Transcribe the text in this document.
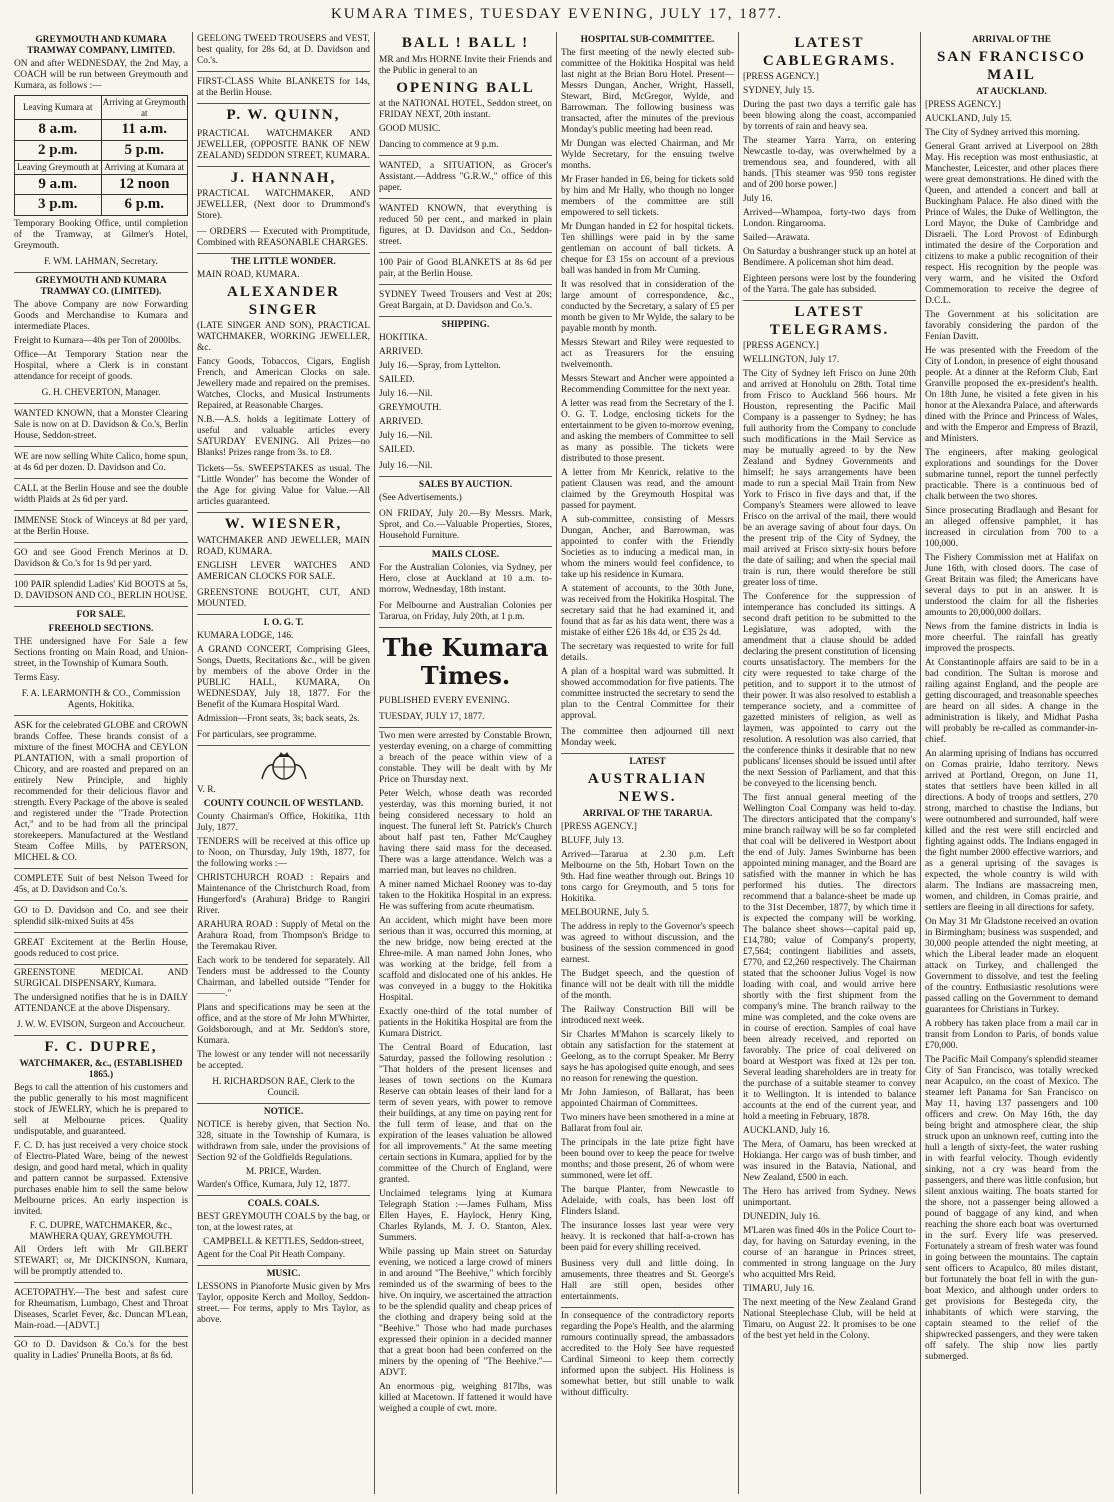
KUMARA TIMES, TUESDAY EVENING, JULY 17, 1877.
GREYMOUTH AND KUMARA TRAMWAY COMPANY, LIMITED.

ON and after WEDNESDAY, the 2nd May, a COACH will be run between Greymouth and Kumara, as follows :—

Leaving Kumara at	Arriving at Greymouth at

8 a.m.	11 a.m.

2 p.m.	5 p.m.

Leaving Greymouth at	Arriving at Kumara at

9 a.m.	12 noon

3 p.m.	6 p.m.

Temporary Booking Office, until completion of the Tramway, at Gilmer's Hotel, Greymouth.

F. WM. LAHMAN, Secretary.
GREYMOUTH AND KUMARA TRAMWAY CO. (LIMITED).

The above Company are now Forwarding Goods and Merchandise to Kumara and intermediate Places.

Freight to Kumara—40s per Ton of 2000lbs.

Office—At Temporary Station near the Hospital, where a Clerk is in constant attendance for receipt of goods.

G. H. CHEVERTON, Manager.

WANTED KNOWN, that a Monster Clearing Sale is now on at D. Davidson & Co.'s, Berlin House, Seddon-street.

WE are now selling White Calico, home spun, at 4s 6d per dozen. D. Davidson and Co.

CALL at the Berlin House and see the double width Plaids at 2s 6d per yard.

IMMENSE Stock of Winceys at 8d per yard, at the Berlin House.

GO and see Good French Merinos at D. Davidson & Co.'s for 1s 9d per yard.

100 PAIR splendid Ladies' Kid BOOTS at 5s, D. DAVIDSON AND CO., BERLIN HOUSE.

FOR SALE.
FREEHOLD SECTIONS.

THE undersigned have For Sale a few Sections fronting on Main Road, and Union-street, in the Township of Kumara South.

Terms Easy.

F. A. LEARMONTH & CO., Commission Agents, Hokitika.

ASK for the celebrated GLOBE and CROWN brands Coffee. These brands consist of a mixture of the finest MOCHA and CEYLON PLANTATION, with a small proportion of Chicory, and are roasted and prepared on an entirely New Principle, and highly recommended for their delicious flavor and strength. Every Package of the above is sealed and registered under the "Trade Protection Act," and to be had from all the principal storekeepers. Manufactured at the Westland Steam Coffee Mills, by PATERSON, MICHEL & CO.

COMPLETE Suit of best Nelson Tweed for 45s, at D. Davidson and Co.'s.

GO to D. Davidson and Co. and see their splendid silk-mixed Suits at 45s

GREAT Excitement at the Berlin House, goods reduced to cost price.

GREENSTONE MEDICAL AND SURGICAL DISPENSARY, Kumara.

The undersigned notifies that he is in DAILY ATTENDANCE at the above Dispensary.

J. W. W. EVISON, Surgeon and Accoucheur.
F. C. DUPRE,
WATCHMAKER, &c., (ESTABLISHED 1865.)

Begs to call the attention of his customers and the public generally to his most magnificent stock of JEWELRY, which he is prepared to sell at Melbourne prices. Quality undisputable, and guaranteed.

F. C. D. has just received a very choice stock of Electro-Plated Ware, being of the newest design, and good hard metal, which in quality and pattern cannot be surpassed. Extensive purchases enable him to sell the same below Melbourne prices. An early inspection is invited.

F. C. DUPRE, WATCHMAKER, &c., MAWHERA QUAY, GREYMOUTH.

All Orders left with Mr GILBERT STEWART; or, Mr DICKINSON, Kumara, will be promptly attended to.

ACETOPATHY.—The best and safest cure for Rheumatism, Lumbago, Chest and Throat Diseases, Scarlet Fever, &c. Duncan M'Lean, Main-road.—[ADVT.]

GO to D. Davidson & Co.'s for the best quality in Ladies' Prunella Boots, at 8s 6d.

GEELONG TWEED TROUSERS and VEST, best quality, for 28s 6d, at D. Davidson and Co.'s.

FIRST-CLASS White BLANKETS for 14s, at the Berlin House.

P. W. QUINN,

PRACTICAL WATCHMAKER AND JEWELLER, (OPPOSITE BANK OF NEW ZEALAND) SEDDON STREET, KUMARA.

J. HANNAH,

PRACTICAL WATCHMAKER, AND JEWELLER, (Next door to Drummond's Store).

— ORDERS — Executed with Promptitude, Combined with REASONABLE CHARGES.

THE LITTLE WONDER.

MAIN ROAD, KUMARA.

ALEXANDER SINGER

(LATE SINGER AND SON), PRACTICAL WATCHMAKER, WORKING JEWELLER, &c.

Fancy Goods, Tobaccos, Cigars, English French, and American Clocks on sale. Jewellery made and repaired on the premises. Watches, Clocks, and Musical Instruments Repaired, at Reasonable Charges.

N.B.—A.S. holds a legitimate Lottery of useful and valuable articles every SATURDAY EVENING. All Prizes—no Blanks! Prizes range from 3s. to £8.

Tickets—5s. SWEEPSTAKES as usual. The "Little Wonder" has become the Wonder of the Age for giving Value for Value.—All articles guaranteed.

W. WIESNER,

WATCHMAKER AND JEWELLER, MAIN ROAD, KUMARA.

ENGLISH LEVER WATCHES AND AMERICAN CLOCKS FOR SALE.

GREENSTONE BOUGHT, CUT, AND MOUNTED.

I. O. G. T.

KUMARA LODGE, 146.

A GRAND CONCERT, Comprising Glees, Songs, Duetts, Recitations &c., will be given by members of the above Order in the PUBLIC HALL, KUMARA, On WEDNESDAY, July 18, 1877. For the Benefit of the Kumara Hospital Ward.

Admission—Front seats, 3s; back seats, 2s.

For particulars, see programme.

V. R.

COUNTY COUNCIL OF WESTLAND.

County Chairman's Office, Hokitika, 11th July, 1877.

TENDERS will be received at this office up to Noon, on Thursday, July 19th, 1877, for the following works :—

CHRISTCHURCH ROAD : Repairs and Maintenance of the Christchurch Road, from Hungerford's (Arahura) Bridge to Rangiri River.

ARAHURA ROAD : Supply of Metal on the Arahura Road, from Thompson's Bridge to the Teremakau River.

Each work to be tendered for separately. All Tenders must be addressed to the County Chairman, and labelled outside "Tender for ———."

Plans and specifications may be seen at the office, and at the store of Mr John M'Whirter, Goldsborough, and at Mr. Seddon's store, Kumara.

The lowest or any tender will not necessarily be accepted.

H. RICHARDSON RAE, Clerk to the Council.
NOTICE.

NOTICE is hereby given, that Section No. 328, situate in the Township of Kumara, is withdrawn from sale, under the provisions of Section 92 of the Goldfields Regulations.

M. PRICE, Warden.

Warden's Office, Kumara, July 12, 1877.

COALS. COALS.

BEST GREYMOUTH COALS by the bag, or ton, at the lowest rates, at

CAMPBELL & KETTLES, Seddon-street,

Agent for the Coal Pit Heath Company.

MUSIC.

LESSONS in Pianoforte Music given by Mrs Taylor, opposite Kerch and Molloy, Seddon-street.— For terms, apply to Mrs Taylor, as above.

BALL ! BALL !

MR and Mrs HORNE Invite their Friends and the Public in general to an

OPENING BALL

at the NATIONAL HOTEL, Seddon street, on FRIDAY NEXT, 20th instant.

GOOD MUSIC.

Dancing to commence at 9 p.m.

WANTED, a SITUATION, as Grocer's Assistant.—Address "G.R.W.," office of this paper.

WANTED KNOWN, that everything is reduced 50 per cent., and marked in plain figures, at D. Davidson and Co., Seddon-street.

100 Pair of Good BLANKETS at 8s 6d per pair, at the Berlin House.

SYDNEY Tweed Trousers and Vest at 20s; Great Bargain, at D. Davidson and Co.'s.

SHIPPING.

HOKITIKA.

ARRIVED.

July 16.—Spray, from Lyttelton.

SAILED.

July 16.—Nil.

GREYMOUTH.

ARRIVED.

July 16.—Nil.

SAILED.

July 16.—Nil.

SALES BY AUCTION.

(See Advertisements.)

ON FRIDAY, July 20.—By Messrs. Mark, Sprot, and Co.—Valuable Properties, Stores, Household Furniture.

MAILS CLOSE.

For the Australian Colonies, via Sydney, per Hero, close at Auckland at 10 a.m. to-morrow, Wednesday, 18th instant.

For Melbourne and Australian Colonies per Tararua, on Friday, July 20th, at 1 p.m.

The Kumara Times.

PUBLISHED EVERY EVENING.

TUESDAY, JULY 17, 1877.

Two men were arrested by Constable Brown, yesterday evening, on a charge of committing a breach of the peace within view of a constable. They will be dealt with by Mr Price on Thursday next.

Peter Welch, whose death was recorded yesterday, was this morning buried, it not being considered necessary to hold an inquest. The funeral left St. Patrick's Church about half past ten, Father Mc'Caughey having there said mass for the deceased. There was a large attendance. Welch was a married man, but leaves no children.

A miner named Michael Rooney was to-day taken to the Hokitika Hospital in an express. He was suffering from acute rheumatism.

An accident, which might have been more serious than it was, occurred this morning, at the new bridge, now being erected at the Ehree-mile. A man named John Jones, who was working at the bridge, fell from a scaffold and dislocated one of his ankles. He was conveyed in a buggy to the Hokitika Hospital.

Exactly one-third of the total number of patients in the Hokitika Hospital are from the Kumara District.

The Central Board of Education, last Saturday, passed the following resolution : "That holders of the present licenses and leases of town sections on the Kumara Reserve can obtain leases of their land for a term of seven years, with power to remove their buildings, at any time on paying rent for the full term of lease, and that on the expiration of the leases valuation be allowed for all improvements." At the same meeting certain sections in Kumara, applied for by the committee of the Church of England, were granted.

Unclaimed telegrams lying at Kumara Telegraph Station :—James Fulham, Miss Ellen Hayes, E. Haylock, Henry King, Charles Rylands, M. J. O. Stanton, Alex. Summers.

While passing up Main street on Saturday evening, we noticed a large crowd of miners in and around "The Beehive," which forcibly reminded us of the swarming of bees to the hive. On inquiry, we ascertained the attraction to be the splendid quality and cheap prices of the clothing and drapery being sold at the "Beehive." Those who had made purchases expressed their opinion in a decided manner that a great boon had been conferred on the miners by the opening of "The Beehive."—ADVT.

An enormous pig, weighing 817lbs, was killed at Macetown. If fattened it would have weighed a couple of cwt. more.

HOSPITAL SUB-COMMITTEE.

The first meeting of the newly elected sub-committee of the Hokitika Hospital was held last night at the Brian Boru Hotel. Present—Messrs Dungan, Ancher, Wright, Hassell, Stewart, Bird, McGregor, Wylde, and Barrowman. The following business was transacted, after the minutes of the previous Monday's public meeting had been read.

Mr Dungan was elected Chairman, and Mr Wylde Secretary, for the ensuing twelve months.

Mr Fraser handed in £6, being for tickets sold by him and Mr Hally, who though no longer members of the committee are still empowered to sell tickets.

Mr Dungan handed in £2 for hospital tickets. Ten shillings were paid in by the same gentleman on account of ball tickets. A cheque for £3 15s on account of a previous ball was handed in from Mr Cuming.

It was resolved that in consideration of the large amount of correspondence, &c., conducted by the Secretary, a salary of £5 per month be given to Mr Wylde, the salary to be payable month by month.

Messrs Stewart and Riley were requested to act as Treasurers for the ensuing twelvemonth.

Messrs Stewart and Ancher were appointed a Recommending Committee for the next year.

A letter was read from the Secretary of the I. O. G. T. Lodge, enclosing tickets for the entertainment to be given to-morrow evening, and asking the members of Committee to sell as many as possible. The tickets were distributed to those present.

A letter from Mr Kenrick, relative to the patient Clausen was read, and the amount claimed by the Greymouth Hospital was passed for payment.

A sub-committee, consisting of Messrs Dungan, Ancher, and Barrowman, was appointed to confer with the Friendly Societies as to inducing a medical man, in whom the miners would feel confidence, to take up his residence in Kumara.

A statement of accounts, to the 30th June, was received from the Hokitika Hospital. The secretary said that he had examined it, and found that as far as his data went, there was a mistake of either £26 18s 4d, or £35 2s 4d.

The secretary was requested to write for full details.

A plan of a hospital ward was submitted. It showed accommodation for five patients. The committee instructed the secretary to send the plan to the Central Committee for their approval.

The committee then adjourned till next Monday week.

LATEST
AUSTRALIAN NEWS.
ARRIVAL OF THE TARARUA.

[PRESS AGENCY.]

BLUFF, July 13.

Arrived—Tararua at 2.30 p.m. Left Melbourne on the 5th, Hobart Town on the 9th. Had fine weather through out. Brings 10 tons cargo for Greymouth, and 5 tons for Hokitika.

MELBOURNE, July 5.

The address in reply to the Governor's speech was agreed to without discussion, and the business of the session commenced in good earnest.

The Budget speech, and the question of finance will not be dealt with till the middle of the month.

The Railway Construction Bill will be introduced next week.

Sir Charles M'Mahon is scarcely likely to obtain any satisfaction for the statement at Geelong, as to the corrupt Speaker. Mr Berry says he has apologised quite enough, and sees no reason for renewing the question.

Mr John Jamieson, of Ballarat, has been appointed Chairman of Committees.

Two miners have been smothered in a mine at Ballarat from foul air.

The principals in the late prize fight have been bound over to keep the peace for twelve months; and those present, 26 of whom were summoned, were let off.

The barque Planter, from Newcastle to Adelaide, with coals, has been lost off Flinders Island.

The insurance losses last year were very heavy. It is reckoned that half-a-crown has been paid for every shilling received.

Business very dull and little doing. In amusements, three theatres and St. George's Hall are still open, besides other entertainments.

In consequence of the contradictory reports regarding the Pope's Health, and the alarming rumours continually spread, the ambassadors accredited to the Holy See have requested Cardinal Simeoni to keep them correctly informed upon the subject. His Holiness is somewhat better, but still unable to walk without difficulty.

LATEST CABLEGRAMS.

[PRESS AGENCY.]

SYDNEY, July 15.

During the past two days a terrific gale has been blowing along the coast, accompanied by torrents of rain and heavy sea.

The steamer Yarra Yarra, on entering Newcastle to-day, was overwhelmed by a tremendous sea, and foundered, with all hands. [This steamer was 950 tons register and of 200 horse power.]

July 16.

Arrived—Whampoa, forty-two days from London. Ringarooma.

Sailed—Arawata.

On Saturday a bushranger stuck up an hotel at Bendimere. A policeman shot him dead.

Eighteen persons were lost by the foundering of the Yarra. The gale has subsided.

LATEST TELEGRAMS.

[PRESS AGENCY.]

WELLINGTON, July 17.

The City of Sydney left Frisco on June 20th and arrived at Honolulu on 28th. Total time from Frisco to Auckland 566 hours. Mr Houston, representing the Pacific Mail Company is a passenger to Sydney; he has full authority from the Company to conclude such modifications in the Mail Service as may be mutually agreed to by the New Zealand and Sydney Governments and himself; he says arrangements have been made to run a special Mail Train from New York to Frisco in five days and that, if the Company's Steamers were allowed to leave Frisco on the arrival of the mail, there would be an average saving of about four days. On the present trip of the City of Sydney, the mail arrived at Frisco sixty-six hours before the date of sailing; and when the special mail train is run, there would therefore be still greater loss of time.

The Conference for the suppression of intemperance has concluded its sittings. A second draft petition to be submitted to the Legislature, was adopted, with the amendment that a clause should be added declaring the present constitution of licensing courts unsatisfactory. The members for the city were requested to take charge of the petition, and to support it to the utmost of their power. It was also resolved to establish a temperance society, and a committee of gazetted ministers of religion, as well as laymen, was appointed to carry out the resolution. A resolution was also carried, that the conference thinks it desirable that no new publicans' licenses should be issued until after the next Session of Parliament, and that this be conveyed to the licensing bench.

The first annual general meeting of the Wellington Coal Company was held to-day. The directors anticipated that the company's mine branch railway will be so far completed that coal will be delivered in Westport about the end of July. James Swinburne has been appointed mining manager, and the Board are satisfied with the manner in which he has performed his duties. The directors recommend that a balance-sheet be made up to the 31st December, 1877, by which time it is expected the company will be working. The balance sheet shows—capital paid up, £14,780; value of Company's property, £7,564; contingent liabilities and assets, £770, and £2,260 respectively. The Chairman stated that the schooner Julius Vogel is now loading with coal, and would arrive here shortly with the first shipment from the company's mine. The branch railway to the mine was completed, and the coke ovens are in course of erection. Samples of coal have been already received, and reported on favorably. The price of coal delivered on board at Westport was fixed at 12s per ton. Several leading shareholders are in treaty for the purchase of a suitable steamer to convey it to Wellington. It is intended to balance accounts at the end of the current year, and hold a meeting in February, 1878.

AUCKLAND, July 16.

The Mera, of Oamaru, has been wrecked at Hokianga. Her cargo was of bush timber, and was insured in the Batavia, National, and New Zealand, £500 in each.

The Hero has arrived from Sydney. News unimportant.

DUNEDIN, July 16.

M'Laren was fined 40s in the Police Court to-day, for having on Saturday evening, in the course of an harangue in Princes street, commented in strong language on the Jury who acquitted Mrs Reid.

TIMARU, July 16.

The next meeting of the New Zealand Grand National Steeplechase Club, will be held at Timaru, on August 22. It promises to be one of the best yet held in the Colony.

ARRIVAL OF THE
SAN FRANCISCO MAIL
AT AUCKLAND.

[PRESS AGENCY.]

AUCKLAND, July 15.

The City of Sydney arrived this morning.

General Grant arrived at Liverpool on 28th May. His reception was most enthusiastic, at Manchester, Leicester, and other places there were great demonstrations. He dined with the Queen, and attended a concert and ball at Buckingham Palace. He also dined with the Prince of Wales, the Duke of Wellington, the Lord Mayor, the Duke of Cambridge and Disraeli. The Lord Provost of Edinburgh intimated the desire of the Corporation and citizens to make a public recognition of their respect. His recognition by the people was very warm, and he visited the Oxford Commemoration to receive the degree of D.C.L.

The Government at his solicitation are favorably considering the pardon of the Fenian Davitt.

He was presented with the Freedom of the City of London, in presence of eight thousand people. At a dinner at the Reform Club, Earl Granville proposed the ex-president's health. On 18th June, he visited a fete given in his honor at the Alexandra Palace, and afterwards dined with the Prince and Princess of Wales, and with the Emperor and Empress of Brazil, and Ministers.

The engineers, after making geological explorations and soundings for the Dover submarine tunnel, report the tunnel perfectly practicable. There is a continuous bed of chalk between the two shores.

Since prosecuting Bradlaugh and Besant for an alleged offensive pamphlet, it has increased in circulation from 700 to a 100,000.

The Fishery Commission met at Halifax on June 16th, with closed doors. The case of Great Britain was filed; the Americans have several days to put in an answer. It is understood the claim for all the fisheries amounts to 20,000,000 dollars.

News from the famine districts in India is more cheerful. The rainfall has greatly improved the prospects.

At Constantinople affairs are said to be in a bad condition. The Sultan is morose and railing against England, and the people are getting discouraged, and treasonable speeches are heard on all sides. A change in the administration is likely, and Midhat Pasha will probably be re-called as commander-in-chief.

An alarming uprising of Indians has occurred on Comas prairie, Idaho territory. News arrived at Portland, Oregon, on June 11, states that settlers have been killed in all directions. A body of troops and settlers, 270 strong, marched to chastise the Indians, but were outnumbered and surrounded, half were killed and the rest were still encircled and fighting against odds. The Indians engaged in the fight number 2000 effective warriors, and as a general uprising of the savages is expected, the whole country is wild with alarm. The Indians are massacreing men, women, and children, in Comas prairie, and settlers are fleeing in all directions for safety.

On May 31 Mr Gladstone received an ovation in Birmingham; business was suspended, and 30,000 people attended the night meeting, at which the Liberal leader made an eloquent attack on Turkey, and challenged the Government to dissolve, and test the feeling of the country. Enthusiastic resolutions were passed calling on the Government to demand guarantees for Christians in Turkey.

A robbery has taken place from a mail car in transit from London to Paris, of bonds value £70,000.

The Pacific Mail Company's splendid steamer City of San Francisco, was totally wrecked near Acapulco, on the coast of Mexico. The steamer left Panama for San Francisco on May 11, having 137 passengers and 100 officers and crew. On May 16th, the day being bright and atmosphere clear, the ship struck upon an unknown reef, cutting into the hull a length of sixty-feet, the water rushing in with fearful velocity. Though evidently sinking, not a cry was heard from the passengers, and there was little confusion, but silent anxious waiting. The boats started for the shore, not a passenger being allowed a pound of baggage of any kind, and when reaching the shore each boat was overturned in the surf. Every life was preserved. Fortunately a stream of fresh water was found in going between the mountains. The captain sent officers to Acapulco, 80 miles distant, but fortunately the boat fell in with the gun-boat Mexico, and although under orders to get provisions for Bestegeda city, the inhabitants of which were starving, the captain steamed to the relief of the shipwrecked passengers, and they were taken off safely. The ship now lies partly submerged.
